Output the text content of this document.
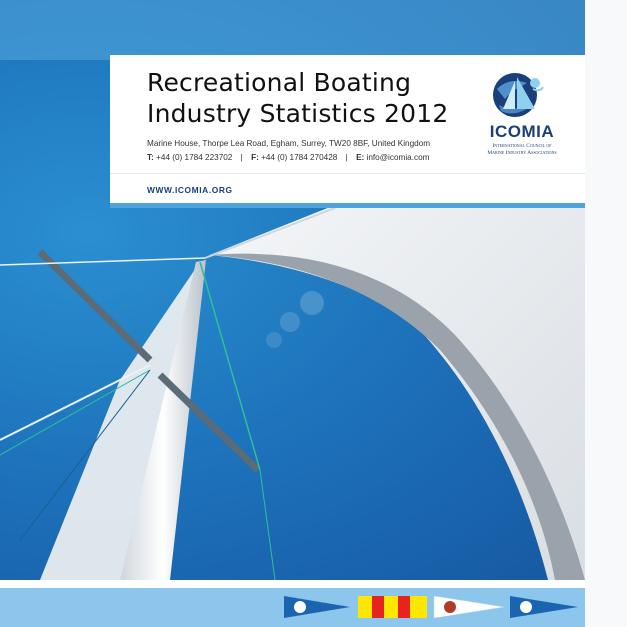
Recreational Boating
Industry Statistics 2012
Marine House, Thorpe Lea Road, Egham, Surrey, TW20 8BF, United Kingdom
T: +44 (0) 1784 223702 | F: +44 (0) 1784 270428 | E: info@icomia.com
ICOMIA
International Council of
Marine Industry Associations
WWW.ICOMIA.ORG
